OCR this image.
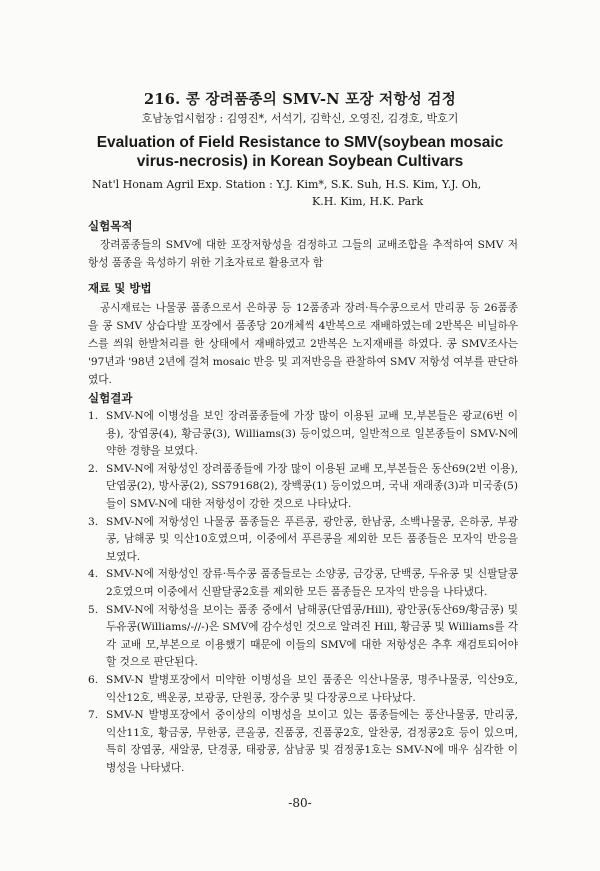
216. 콩 장려품종의 SMV-N 포장 저항성 검정
호남농업시험장 : 김영진*, 서석기, 김학신, 오영진, 김경호, 박호기
Evaluation of Field Resistance to SMV(soybean mosaic
virus-necrosis) in Korean Soybean Cultivars
Nat'l Honam Agril Exp. Station : Y.J. Kim*, S.K. Suh, H.S. Kim, Y.J. Oh,
K.H. Kim, H.K. Park
실험목적

장려품종들의 SMV에 대한 포장저항성을 검정하고 그들의 교배조합을 추적하여 SMV 저항성 품종을 육성하기 위한 기초자료로 활용코자 함

재료 및 방법

공시재료는 나물콩 품종으로서 은하콩 등 12품종과 장려·특수콩으로서 만리콩 등 26품종을 콩 SMV 상습다발 포장에서 품종당 20개체씩 4반복으로 재배하였는데 2반복은 비닐하우스를 씌워 한발처리를 한 상태에서 재배하였고 2반복은 노지재배를 하였다. 콩 SMV조사는 '97년과 '98년 2년에 걸쳐 mosaic 반응 및 괴저반응을 관찰하여 SMV 저항성 여부를 판단하였다.

실험결과
1. SMV-N에 이병성을 보인 장려품종들에 가장 많이 이용된 교배 모,부본들은 광교(6번 이용), 장엽콩(4), 황금콩(3), Williams(3) 등이었으며, 일반적으로 일본종들이 SMV-N에 약한 경향을 보였다.
2. SMV-N에 저항성인 장려품종들에 가장 많이 이용된 교배 모,부본들은 동산69(2번 이용), 단엽콩(2), 방사콩(2), SS79168(2), 장백콩(1) 등이었으며, 국내 재래종(3)과 미국종(5)들이 SMV-N에 대한 저항성이 강한 것으로 나타났다.
3. SMV-N에 저항성인 나물콩 품종들은 푸른콩, 광안콩, 한남콩, 소백나물콩, 은하콩, 부광콩, 남해콩 및 익산10호였으며, 이중에서 푸른콩을 제외한 모든 품종들은 모자익 반응을 보였다.
4. SMV-N에 저항성인 장류·특수콩 품종들로는 소양콩, 금강콩, 단백콩, 두유콩 및 신팔달콩2호였으며 이중에서 신팔달콩2호를 제외한 모든 품종들은 모자익 반응을 나타냈다.
5. SMV-N에 저항성을 보이는 품종 중에서 남해콩(단엽콩/Hill), 광안콩(동산69/황금콩) 및 두유콩(Williams/-//-)은 SMV에 감수성인 것으로 알려진 Hill, 황금콩 및 Williams를 각각 교배 모,부본으로 이용했기 때문에 이들의 SMV에 대한 저항성은 추후 재검토되어야 할 것으로 판단된다.
6. SMV-N 발병포장에서 미약한 이병성을 보인 품종은 익산나물콩, 명주나물콩, 익산9호, 익산12호, 백운콩, 보광콩, 단원콩, 장수콩 및 다장콩으로 나타났다.
7. SMV-N 발병포장에서 중이상의 이병성을 보이고 있는 품종들에는 풍산나물콩, 만리콩, 익산11호, 황금콩, 무한콩, 큰올콩, 진품콩, 진품콩2호, 알찬콩, 검정콩2호 등이 있으며, 특히 장엽콩, 새알콩, 단경콩, 태광콩, 삼남콩 및 검정콩1호는 SMV-N에 매우 심각한 이병성을 나타냈다.
-80-
